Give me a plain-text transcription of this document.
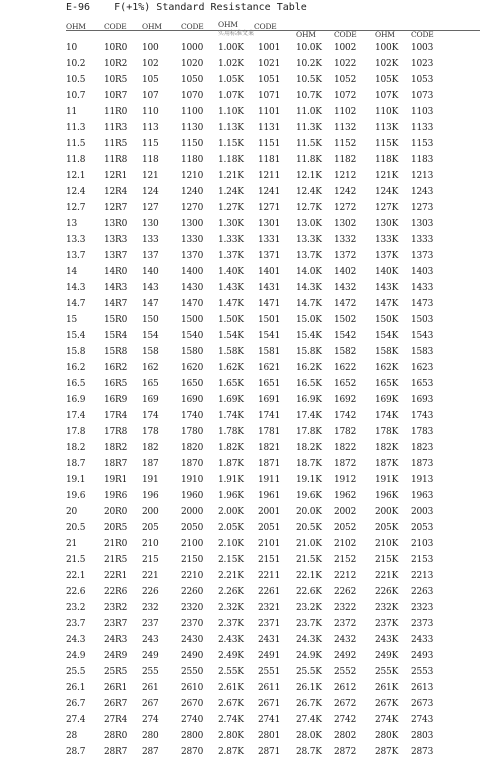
E-96    F(+1%) Standard Resistance Table
OHM CODE OHM	CODE OHM CODE
OHM CODE OHM CODE
实用标准文案
10	10R0 100 1000 1.00K 1001 10.0K 1002 100K 1003
10.2 10R2 102 1020 1.02K 1021 10.2K 1022 102K 1023
10.5 10R5 105 1050 1.05K 1051 10.5K 1052 105K 1053
10.7 10R7 107 1070 1.07K 1071 10.7K 1072 107K 1073
11	11R0 110 1100 1.10K 1101 11.0K 1102 110K 1103
11.3 11R3 113 1130 1.13K 1131 11.3K 1132 113K 1133
11.5 11R5 115 1150 1.15K 1151 11.5K 1152 115K 1153
11.8 11R8 118 1180 1.18K 1181 11.8K 1182 118K 1183
12.1 12R1 121 1210 1.21K 1211 12.1K 1212 121K 1213
12.4 12R4 124 1240 1.24K 1241 12.4K 1242 124K 1243
12.7 12R7 127 1270 1.27K 1271 12.7K 1272 127K 1273
13	13R0 130 1300 1.30K 1301 13.0K 1302 130K 1303
13.3 13R3 133 1330 1.33K 1331 13.3K 1332 133K 1333
13.7 13R7 137 1370 1.37K 1371 13.7K 1372 137K 1373
14	14R0 140 1400 1.40K 1401 14.0K 1402 140K 1403
14.3 14R3 143 1430 1.43K 1431 14.3K 1432 143K 1433
14.7 14R7 147 1470 1.47K 1471 14.7K 1472 147K 1473
15	15R0 150 1500 1.50K 1501 15.0K 1502 150K 1503
15.4 15R4 154 1540 1.54K 1541 15.4K 1542 154K 1543
15.8 15R8 158 1580 1.58K 1581 15.8K 1582 158K 1583
16.2 16R2 162 1620 1.62K 1621 16.2K 1622 162K 1623
16.5 16R5 165 1650 1.65K 1651 16.5K 1652 165K 1653
16.9 16R9 169 1690 1.69K 1691 16.9K 1692 169K 1693
17.4 17R4 174 1740 1.74K 1741 17.4K 1742 174K 1743
17.8 17R8 178 1780 1.78K 1781 17.8K 1782 178K 1783
18.2 18R2 182 1820 1.82K 1821 18.2K 1822 182K 1823
18.7 18R7 187 1870 1.87K 1871 18.7K 1872 187K 1873
19.1 19R1 191 1910 1.91K 1911 19.1K 1912 191K 1913
19.6 19R6 196 1960 1.96K 1961 19.6K 1962 196K 1963
20	20R0 200 2000 2.00K 2001 20.0K 2002 200K 2003
20.5 20R5 205 2050 2.05K 2051 20.5K 2052 205K 2053
21	21R0 210 2100 2.10K 2101 21.0K 2102 210K 2103
21.5 21R5 215 2150 2.15K 2151 21.5K 2152 215K 2153
22.1 22R1 221 2210 2.21K 2211 22.1K 2212 221K 2213
22.6 22R6 226 2260 2.26K 2261 22.6K 2262 226K 2263
23.2 23R2 232 2320 2.32K 2321 23.2K 2322 232K 2323
23.7 23R7 237 2370 2.37K 2371 23.7K 2372 237K 2373
24.3 24R3 243 2430 2.43K 2431 24.3K 2432 243K 2433
24.9 24R9 249 2490 2.49K 2491 24.9K 2492 249K 2493
25.5 25R5 255 2550 2.55K 2551 25.5K 2552 255K 2553
26.1 26R1 261 2610 2.61K 2611 26.1K 2612 261K 2613
26.7 26R7 267 2670 2.67K 2671 26.7K 2672 267K 2673
27.4 27R4 274 2740 2.74K 2741 27.4K 2742 274K 2743
28	28R0 280 2800 2.80K 2801 28.0K 2802 280K 2803
28.7 28R7 287 2870 2.87K 2871 28.7K 2872 287K 2873
